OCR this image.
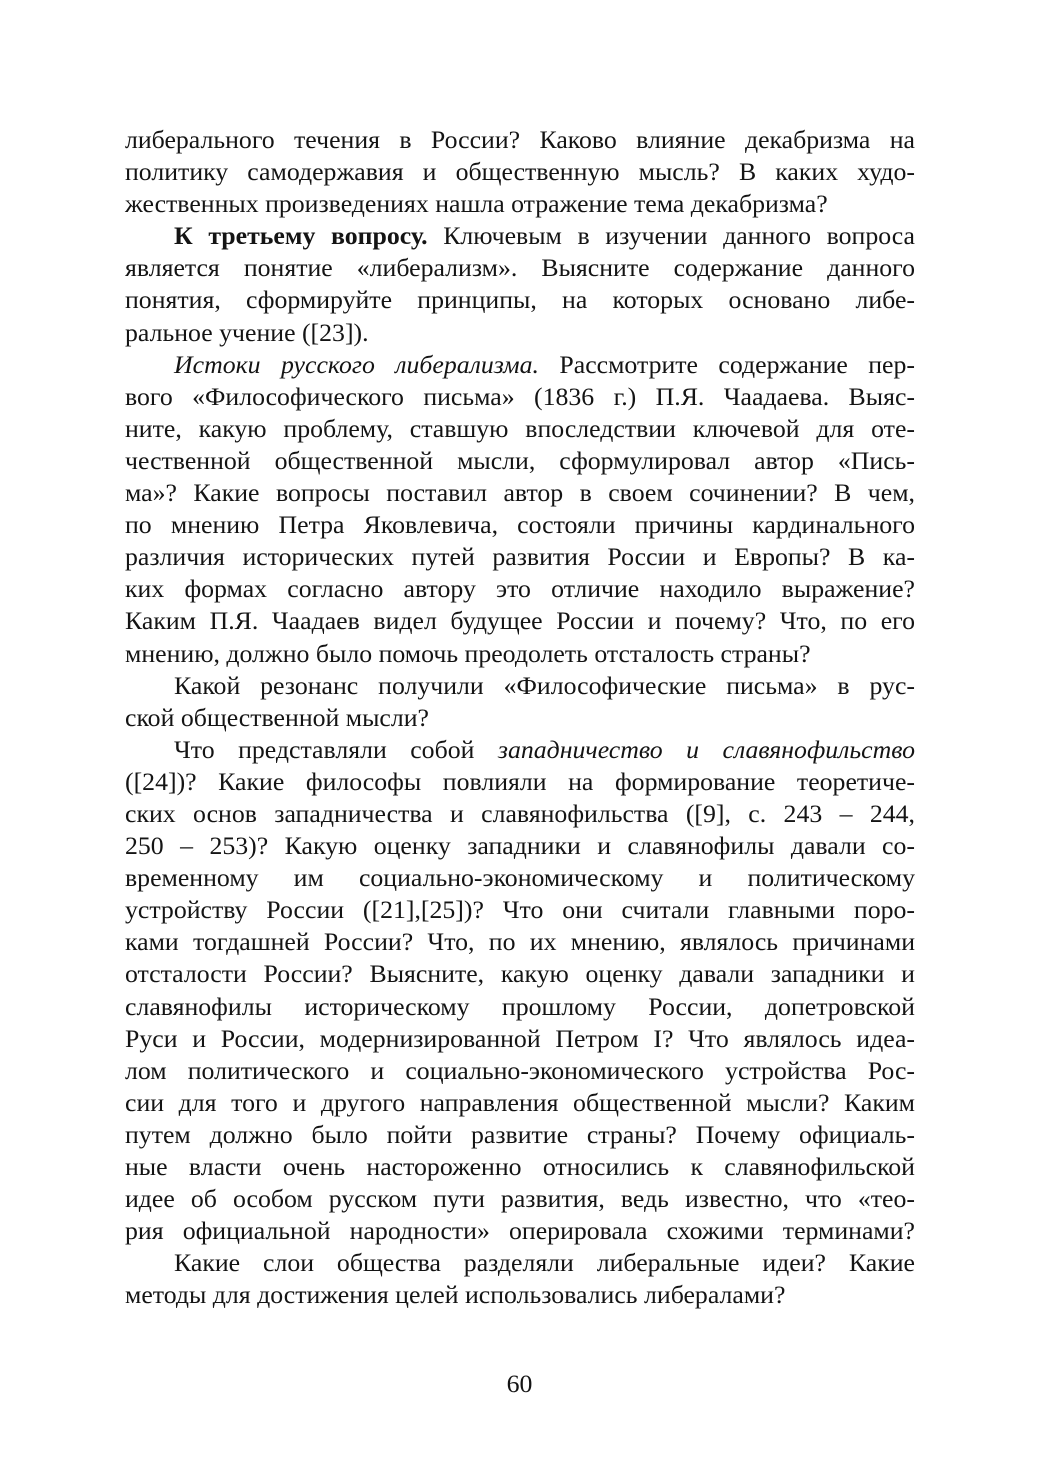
либерального течения в России? Каково влияние декабризма на
политику самодержавия и общественную мысль? В каких худо-
жественных произведениях нашла отражение тема декабризма?
К третьему вопросу. Ключевым в изучении данного вопроса
является понятие «либерализм». Выясните содержание данного
понятия, сформируйте принципы, на которых основано либе-
ральное учение ([23]).
Истоки русского либерализма. Рассмотрите содержание пер-
вого «Философического письма» (1836 г.) П.Я. Чаадаева. Выяс-
ните, какую проблему, ставшую впоследствии ключевой для оте-
чественной общественной мысли, сформулировал автор «Пись-
ма»? Какие вопросы поставил автор в своем сочинении? В чем,
по мнению Петра Яковлевича, состояли причины кардинального
различия исторических путей развития России и Европы? В ка-
ких формах согласно автору это отличие находило выражение?
Каким П.Я. Чаадаев видел будущее России и почему? Что, по его
мнению, должно было помочь преодолеть отсталость страны?
Какой резонанс получили «Философические письма» в рус-
ской общественной мысли?
Что представляли собой западничество и славянофильство
([24])? Какие философы повлияли на формирование теоретиче-
ских основ западничества и славянофильства ([9], с. 243 – 244,
250 – 253)? Какую оценку западники и славянофилы давали со-
временному им социально-экономическому и политическому
устройству России ([21],[25])? Что они считали главными поро-
ками тогдашней России? Что, по их мнению, являлось причинами
отсталости России? Выясните, какую оценку давали западники и
славянофилы историческому прошлому России, допетровской
Руси и России, модернизированной Петром I? Что являлось идеа-
лом политического и социально-экономического устройства Рос-
сии для того и другого направления общественной мысли? Каким
путем должно было пойти развитие страны? Почему официаль-
ные власти очень настороженно относились к славянофильской
идее об особом русском пути развития, ведь известно, что «тео-
рия официальной народности» оперировала схожими терминами?
Какие слои общества разделяли либеральные идеи? Какие
методы для достижения целей использовались либералами?
60
